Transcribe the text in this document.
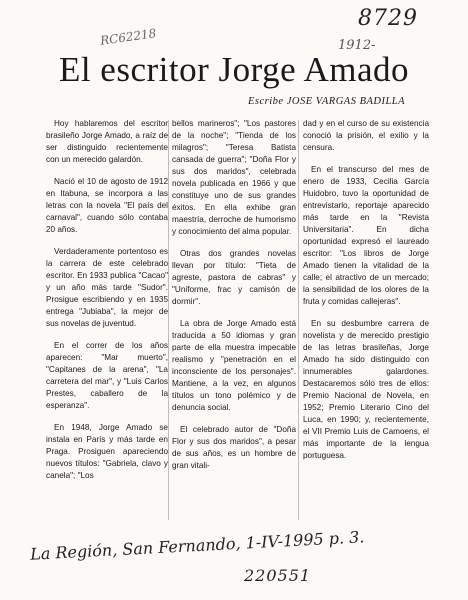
8729
RC62218	1912-
El escritor Jorge Amado
Escribe JOSE VARGAS BADILLA

Hoy hablaremos del escritor brasileño Jorge Amado, a raíz de ser distinguido recientemente con un merecido galardón.

Nació el 10 de agosto de 1912 en Itabuna, se incorpora a las letras con la novela "El país del carnaval", cuando sólo contaba 20 años.

Verdaderamente portentoso es la carrera de este celebrado escritor. En 1933 publica "Cacao" y un año más tarde "Sudor". Prosigue escribiendo y en 1935 entrega "Jubiaba", la mejor de sus novelas de juventud.

En el correr de los años aparecen: "Mar muerto", "Capitanes de la arena", "La carretera del mar", y "Luis Carlos Prestes, caballero de la esperanza".

En 1948, Jorge Amado se instala en París y más tarde en Praga. Prosiguen apareciendo nuevos títulos: "Gabriela, clavo y canela"; "Los

bellos marineros"; "Los pastores de la noche"; "Tienda de los milagros"; "Teresa Batista cansada de guerra"; "Doña Flor y sus dos maridos", celebrada novela publicada en 1966 y que constituye uno de sus grandes éxitos. En ella exhibe gran maestría, derroche de humorismo y conocimiento del alma popular.

Otras dos grandes novelas llevan por título: "Tieta de agreste, pastora de cabras" y "Uniforme, frac y camisón de dormir".

La obra de Jorge Amado está traducida a 50 idiomas y gran parte de ella muestra impecable realismo y "penetración en el inconsciente de los personajes". Mantiene, a la vez, en algunos títulos un tono polémico y de denuncia social.

El celebrado autor de "Doña Flor y sus dos maridos", a pesar de sus años, es un hombre de gran vitali-

dad y en el curso de su existencia conoció la prisión, el exilio y la censura.

En el transcurso del mes de enero de 1933, Cecilia García Huidobro, tuvo la oportunidad de entrevistarlo, reportaje aparecido más tarde en la "Revista Universitaria". En dicha oportunidad expresó el laureado escritor: "Los libros de Jorge Amado tienen la vitalidad de la calle; el atractivo de un mercado; la sensibilidad de los olores de la fruta y comidas callejeras".

En su desbumbre carrera de novelista y de merecido prestigio de las letras brasileñas, Jorge Amado ha sido distinguido con innumerables galardones. Destacaremos sólo tres de ellos: Premio Nacional de Novela, en 1952; Premio Literario Cino del Luca, en 1990; y, recientemente, el VII Premio Luis de Camoens, el más importante de la lengua portuguesa.

La Región, San Fernando, 1-IV-1995 p. 3.
220551
